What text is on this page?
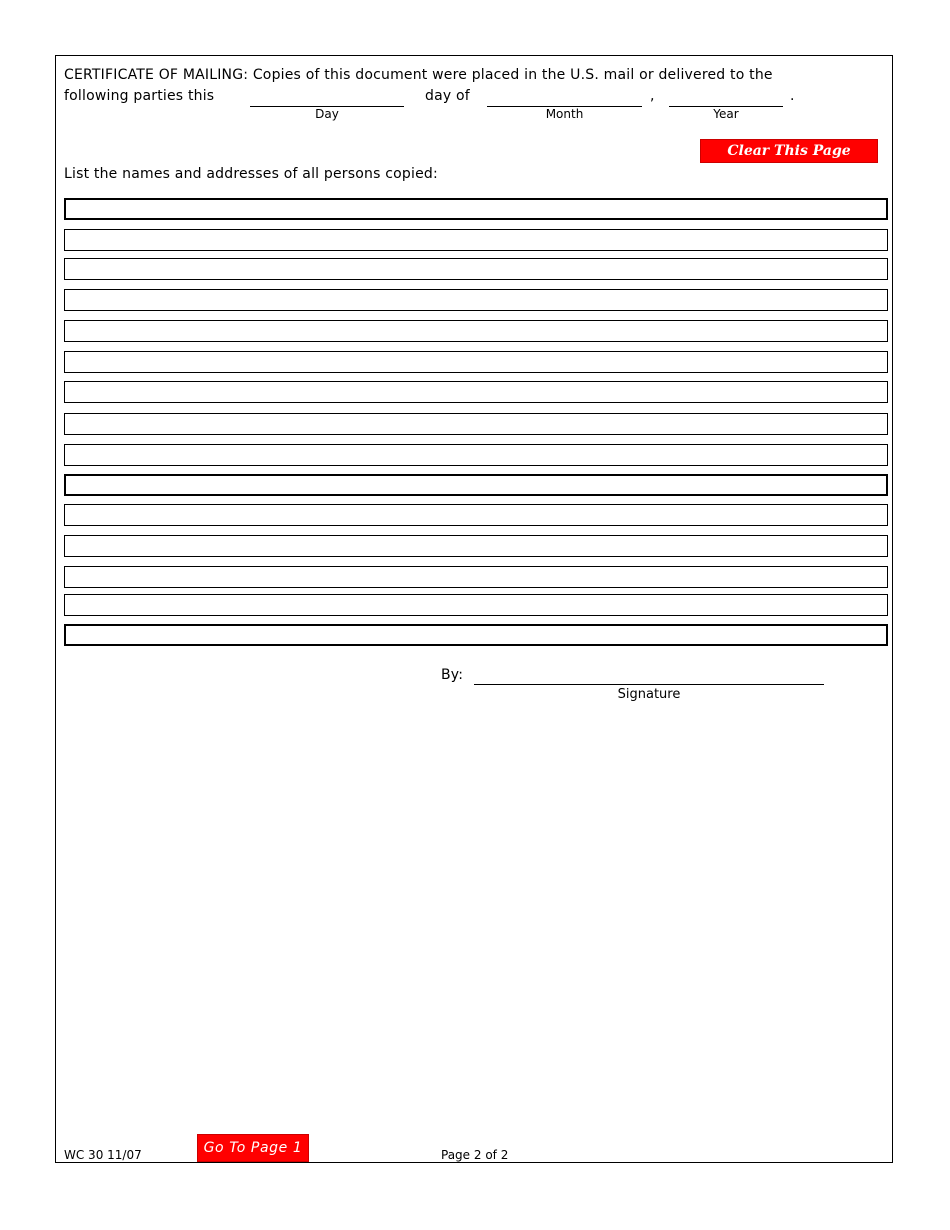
CERTIFICATE OF MAILING: Copies of this document were placed in the U.S. mail or delivered to the
following parties this
Day
day of
Month
,
Year
.
Clear This Page
List the names and addresses of all persons copied:
By:
Signature
WC 30 11/07	Go To Page 1	Page 2 of 2
